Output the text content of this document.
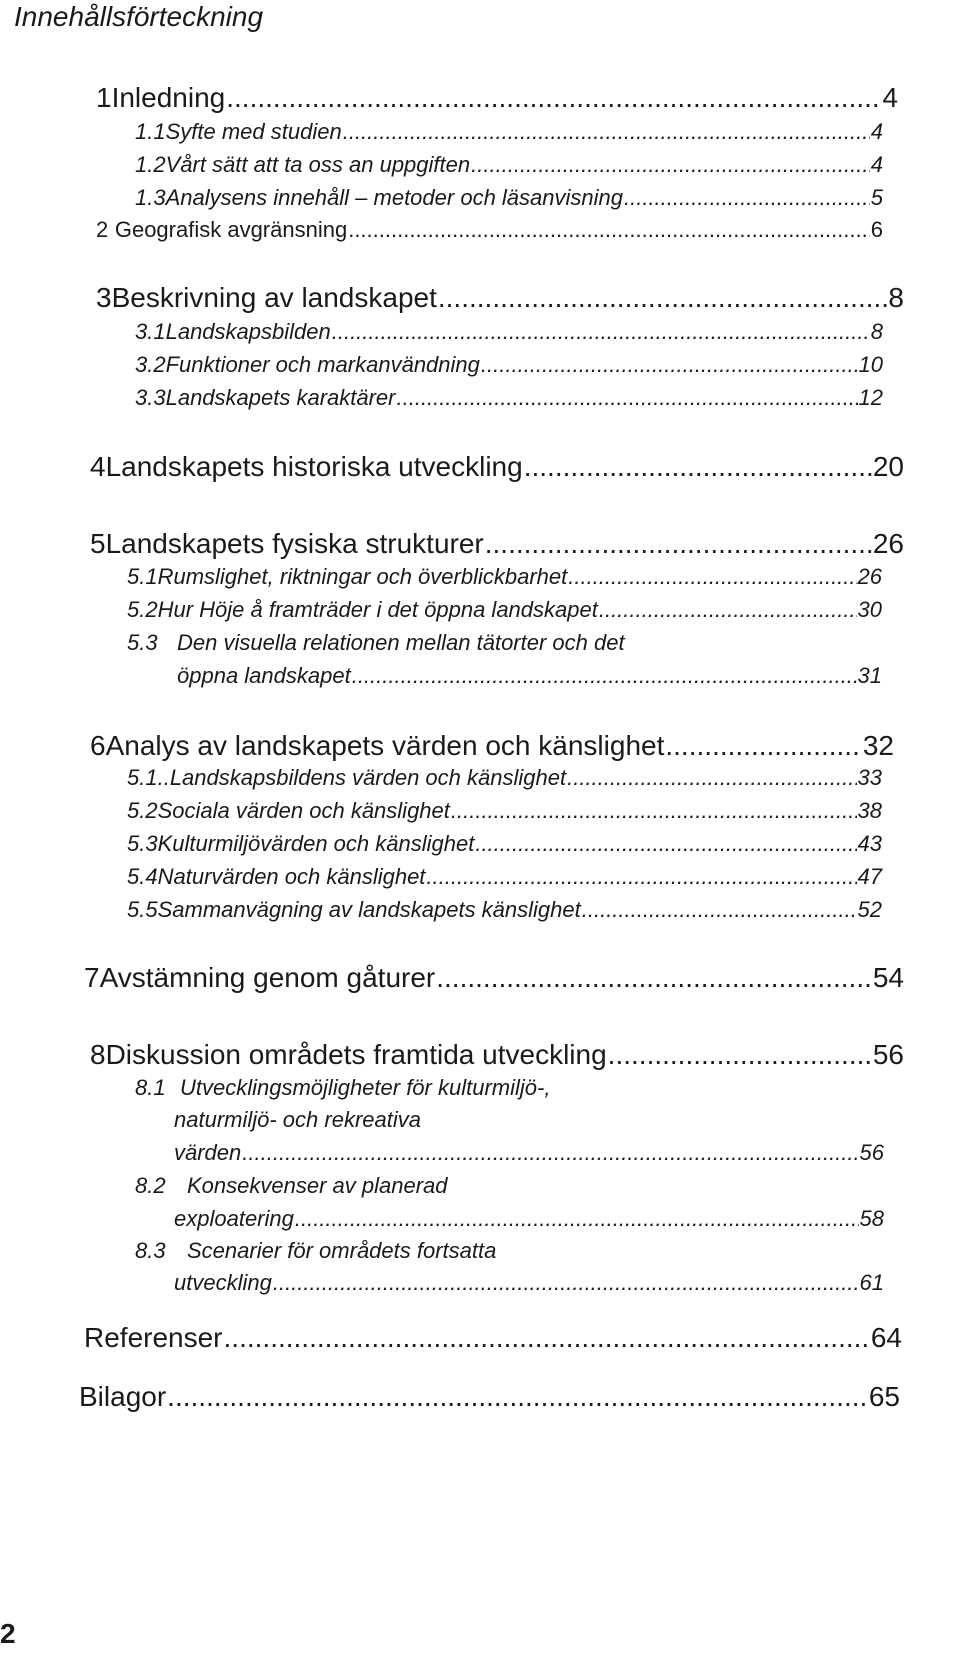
Innehållsförteckning
1 Inledning .....	4
1.1 Syfte med studien .....	4
1.2 Vårt sätt att ta oss an uppgiften .....	4
1.3 Analysens innehåll – metoder och läsanvisning .....	5
2 Geografisk avgränsning .....	6
3 Beskrivning av landskapet .....	8
3.1 Landskapsbilden .....	8
3.2 Funktioner och markanvändning .....	10
3.3 Landskapets karaktärer .....	12
4 Landskapets historiska utveckling .....	20
5 Landskapets fysiska strukturer .....	26
5.1 Rumslighet, riktningar och överblickbarhet .....	26
5.2 Hur Höje å framträder i det öppna landskapet .....	30
5.3 Den visuella relationen mellan tätorter och det
öppna landskapet .....	31
6 Analys av landskapets värden och känslighet .....	32
5.1.. Landskapsbildens värden och känslighet .....	33
5.2 Sociala värden och känslighet .....	38
5.3 Kulturmiljövärden och känslighet .....	43
5.4 Naturvärden och känslighet .....	47
5.5 Sammanvägning av landskapets känslighet .....	52
7 Avstämning genom gåturer .....	54
8 Diskussion områdets framtida utveckling .....	56
8.1 Utvecklingsmöjligheter för kulturmiljö-,
naturmiljö- och rekreativa
värden .....	56
8.2 Konsekvenser av planerad
exploatering .....	58
8.3 Scenarier för områdets fortsatta
utveckling .....	61
Referenser .....	64
Bilagor .....	65
2
